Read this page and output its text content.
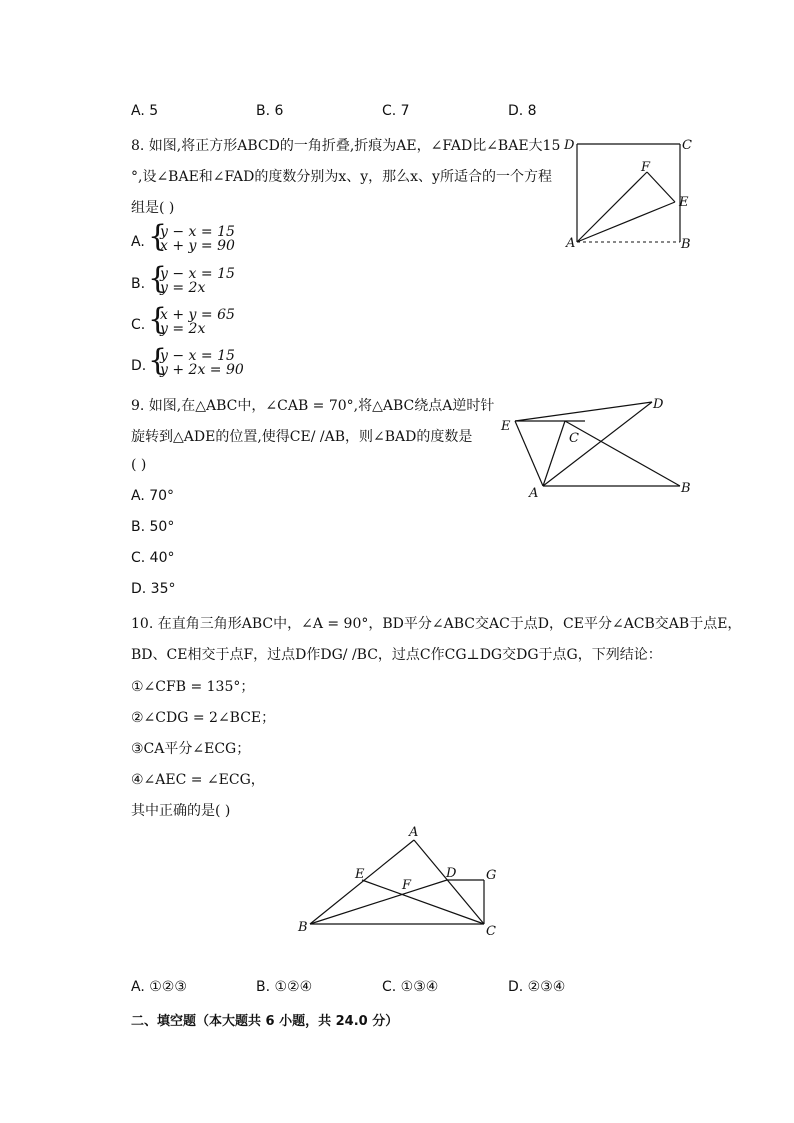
A. 5	B. 6	C. 7	D. 8
8. 如图,将正方形ABCD的一角折叠,折痕为AE，∠FAD比∠BAE大15
°,设∠BAE和∠FAD的度数分别为x、y，那么x、y所适合的一个方程
组是( )
A. {
y − x = 15
x + y = 90
B. {
y − x = 15
y = 2x
C. {
x + y = 65
y = 2x
D. {
y − x = 15
y + 2x = 90
D	C
F
E
A	B
9. 如图,在△ABC中，∠CAB = 70°,将△ABC绕点A逆时针
旋转到△ADE的位置,使得CE/ /AB，则∠BAD的度数是
( )
A. 70°
B. 50°
C. 40°
D. 35°
E
D
C
A	B
10. 在直角三角形ABC中，∠A = 90°，BD平分∠ABC交AC于点D，CE平分∠ACB交AB于点E，
BD、CE相交于点F，过点D作DG/ /BC，过点C作CG⊥DG交DG于点G，下列结论：
①∠CFB = 135°；
②∠CDG = 2∠BCE；
③CA平分∠ECG；
④∠AEC = ∠ECG，
其中正确的是( )
A
E	D G
F
B	C
A. ①②③	B. ①②④	C. ①③④	D. ②③④
二、填空题（本大题共 6 小题，共 24.0 分）
